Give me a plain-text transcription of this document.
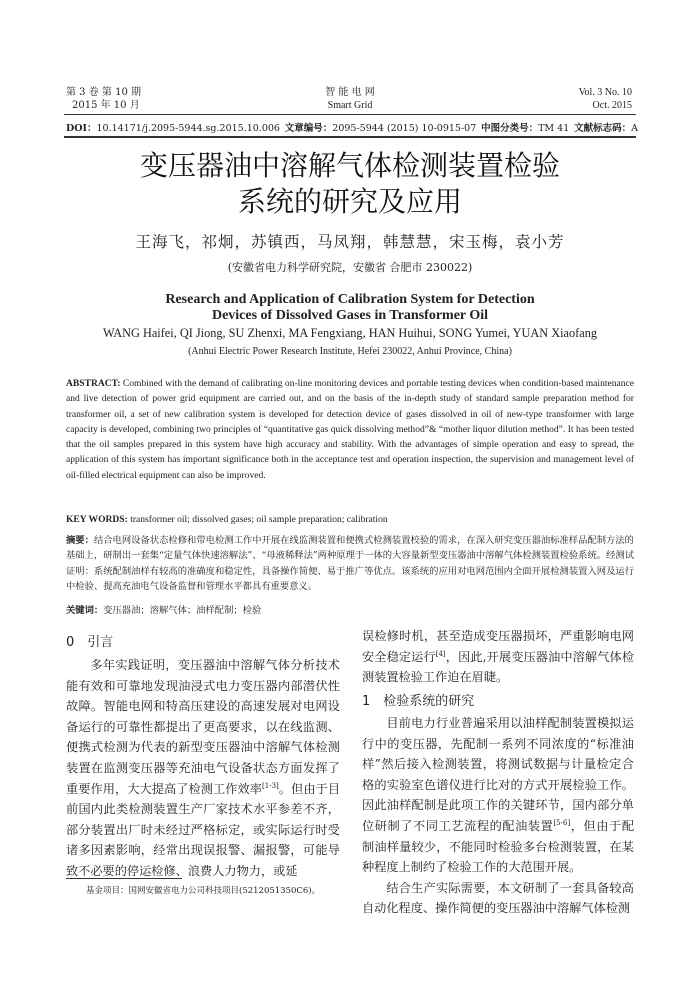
第 3 卷 第 10 期
2015 年 10 月
智 能 电 网
Smart Grid
Vol. 3 No. 10
Oct. 2015
DOI：10.14171/j.2095-5944.sg.2015.10.006 文章编号：2095-5944 (2015) 10-0915-07 中图分类号：TM 41 文献标志码：A
变压器油中溶解气体检测装置检验
系统的研究及应用
王海飞，祁炯，苏镇西，马凤翔，韩慧慧，宋玉梅，袁小芳
(安徽省电力科学研究院，安徽省 合肥市 230022)
Research and Application of Calibration System for Detection
Devices of Dissolved Gases in Transformer Oil
WANG Haifei, QI Jiong, SU Zhenxi, MA Fengxiang, HAN Huihui, SONG Yumei, YUAN Xiaofang
(Anhui Electric Power Research Institute, Hefei 230022, Anhui Province, China)
ABSTRACT: Combined with the demand of calibrating on-line monitoring devices and portable testing devices when condition-based maintenance and live detection of power grid equipment are carried out, and on the basis of the in-depth study of standard sample preparation method for transformer oil, a set of new calibration system is developed for detection device of gases dissolved in oil of new-type transformer with large capacity is developed, combining two principles of “quantitative gas quick dissolving method”& “mother liquor dilution method”. It has been tested that the oil samples prepared in this system have high accuracy and stability. With the advantages of simple operation and easy to spread, the application of this system has important significance both in the acceptance test and operation inspection, the supervision and management level of oil-filled electrical equipment can also be improved.
KEY WORDS: transformer oil; dissolved gases; oil sample preparation; calibration
摘要：结合电网设备状态检修和带电检测工作中开展在线监测装置和便携式检测装置校验的需求，在深入研究变压器油标准样品配制方法的基础上，研制出一套集“定量气体快速溶解法”、“母液稀释法”两种原理于一体的大容量新型变压器油中溶解气体检测装置检验系统。经测试证明：系统配制油样有较高的准确度和稳定性，具备操作简便、易于推广等优点。该系统的应用对电网范围内全面开展检测装置入网及运行中检验、提高充油电气设备监督和管理水平都具有重要意义。
关键词：变压器油；溶解气体；油样配制；检验
0　引言

多年实践证明，变压器油中溶解气体分析技术能有效和可靠地发现油浸式电力变压器内部潜伏性故障。智能电网和特高压建设的高速发展对电网设备运行的可靠性都提出了更高要求，以在线监测、便携式检测为代表的新型变压器油中溶解气体检测装置在监测变压器等充油电气设备状态方面发挥了重要作用，大大提高了检测工作效率[1-3]。但由于目前国内此类检测装置生产厂家技术水平参差不齐，部分装置出厂时未经过严格标定，或实际运行时受诸多因素影响，经常出现误报警、漏报警，可能导致不必要的停运检修、浪费人力物力，或延

基金项目：国网安徽省电力公司科技项目(5212051350C6)。

误检修时机，甚至造成变压器损坏，严重影响电网安全稳定运行[4]，因此,开展变压器油中溶解气体检测装置检验工作迫在眉睫。

1　检验系统的研究

目前电力行业普遍采用以油样配制装置模拟运行中的变压器，先配制一系列不同浓度的“标准油样”然后接入检测装置，将测试数据与计量检定合格的实验室色谱仪进行比对的方式开展检验工作。因此油样配制是此项工作的关键环节，国内部分单位研制了不同工艺流程的配油装置[5-6]，但由于配制油样量较少，不能同时检验多台检测装置，在某种程度上制约了检验工作的大范围开展。

结合生产实际需要，本文研制了一套具备较高自动化程度、操作简便的变压器油中溶解气体检测
